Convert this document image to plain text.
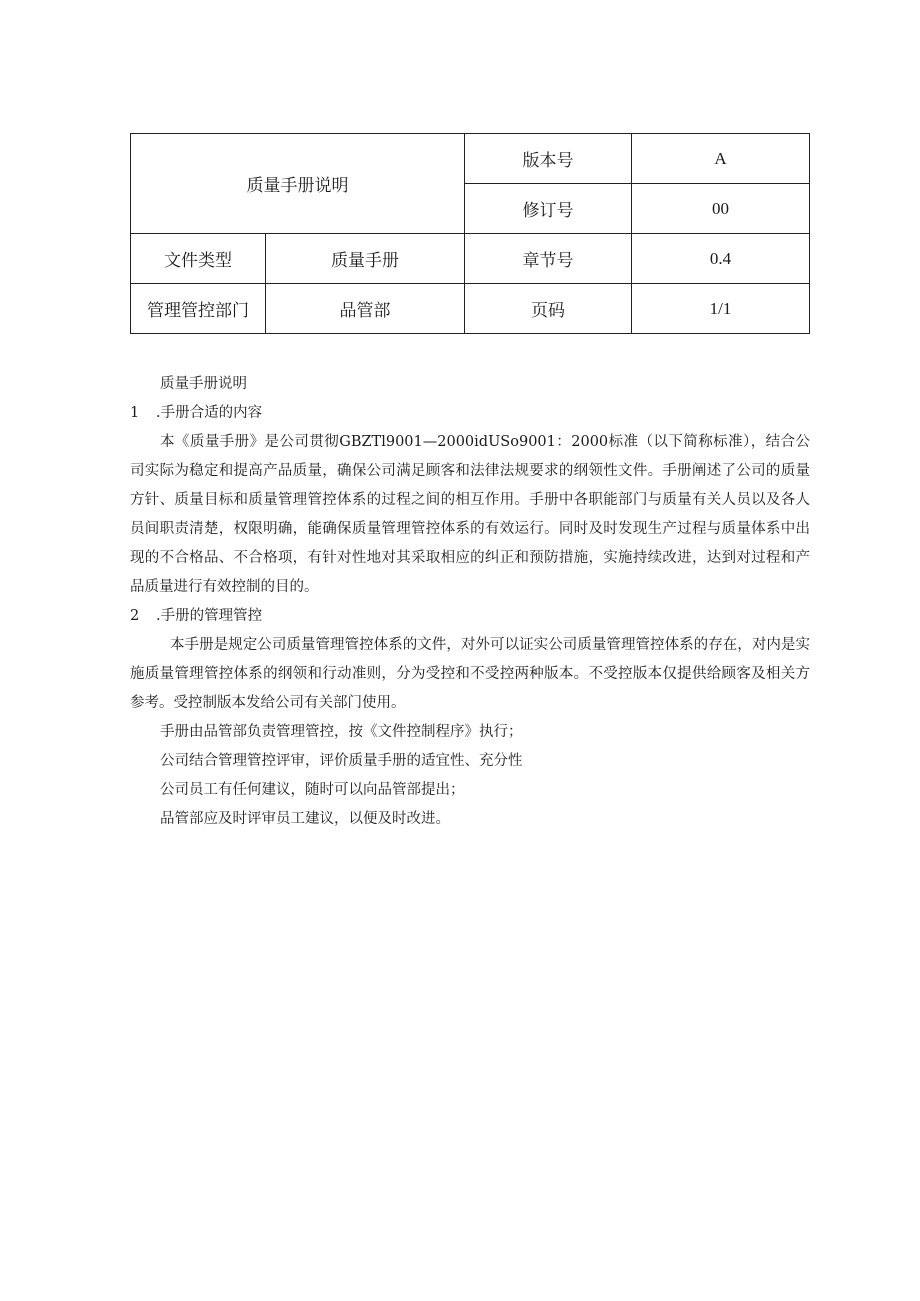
质量手册说明		版本号	A
		修订号	00
文件类型	质量手册	章节号	0.4
管理管控部门	品管部	页码	1/1

质量手册说明

1 .手册合适的内容

本《质量手册》是公司贯彻GBZTl9001—2000idUSo9001：2000标准（以下简称标准），结合公司实际为稳定和提高产品质量，确保公司满足顾客和法律法规要求的纲领性文件。手册阐述了公司的质量方针、质量目标和质量管理管控体系的过程之间的相互作用。手册中各职能部门与质量有关人员以及各人员间职责清楚，权限明确，能确保质量管理管控体系的有效运行。同时及时发现生产过程与质量体系中出现的不合格品、不合格项，有针对性地对其采取相应的纠正和预防措施，实施持续改进，达到对过程和产品质量进行有效控制的目的。

2 .手册的管理管控

本手册是规定公司质量管理管控体系的文件，对外可以证实公司质量管理管控体系的存在，对内是实施质量管理管控体系的纲领和行动准则，分为受控和不受控两种版本。不受控版本仅提供给顾客及相关方参考。受控制版本发给公司有关部门使用。

手册由品管部负责管理管控，按《文件控制程序》执行；

公司结合管理管控评审，评价质量手册的适宜性、充分性

公司员工有任何建议，随时可以向品管部提出；

品管部应及时评审员工建议，以便及时改进。
